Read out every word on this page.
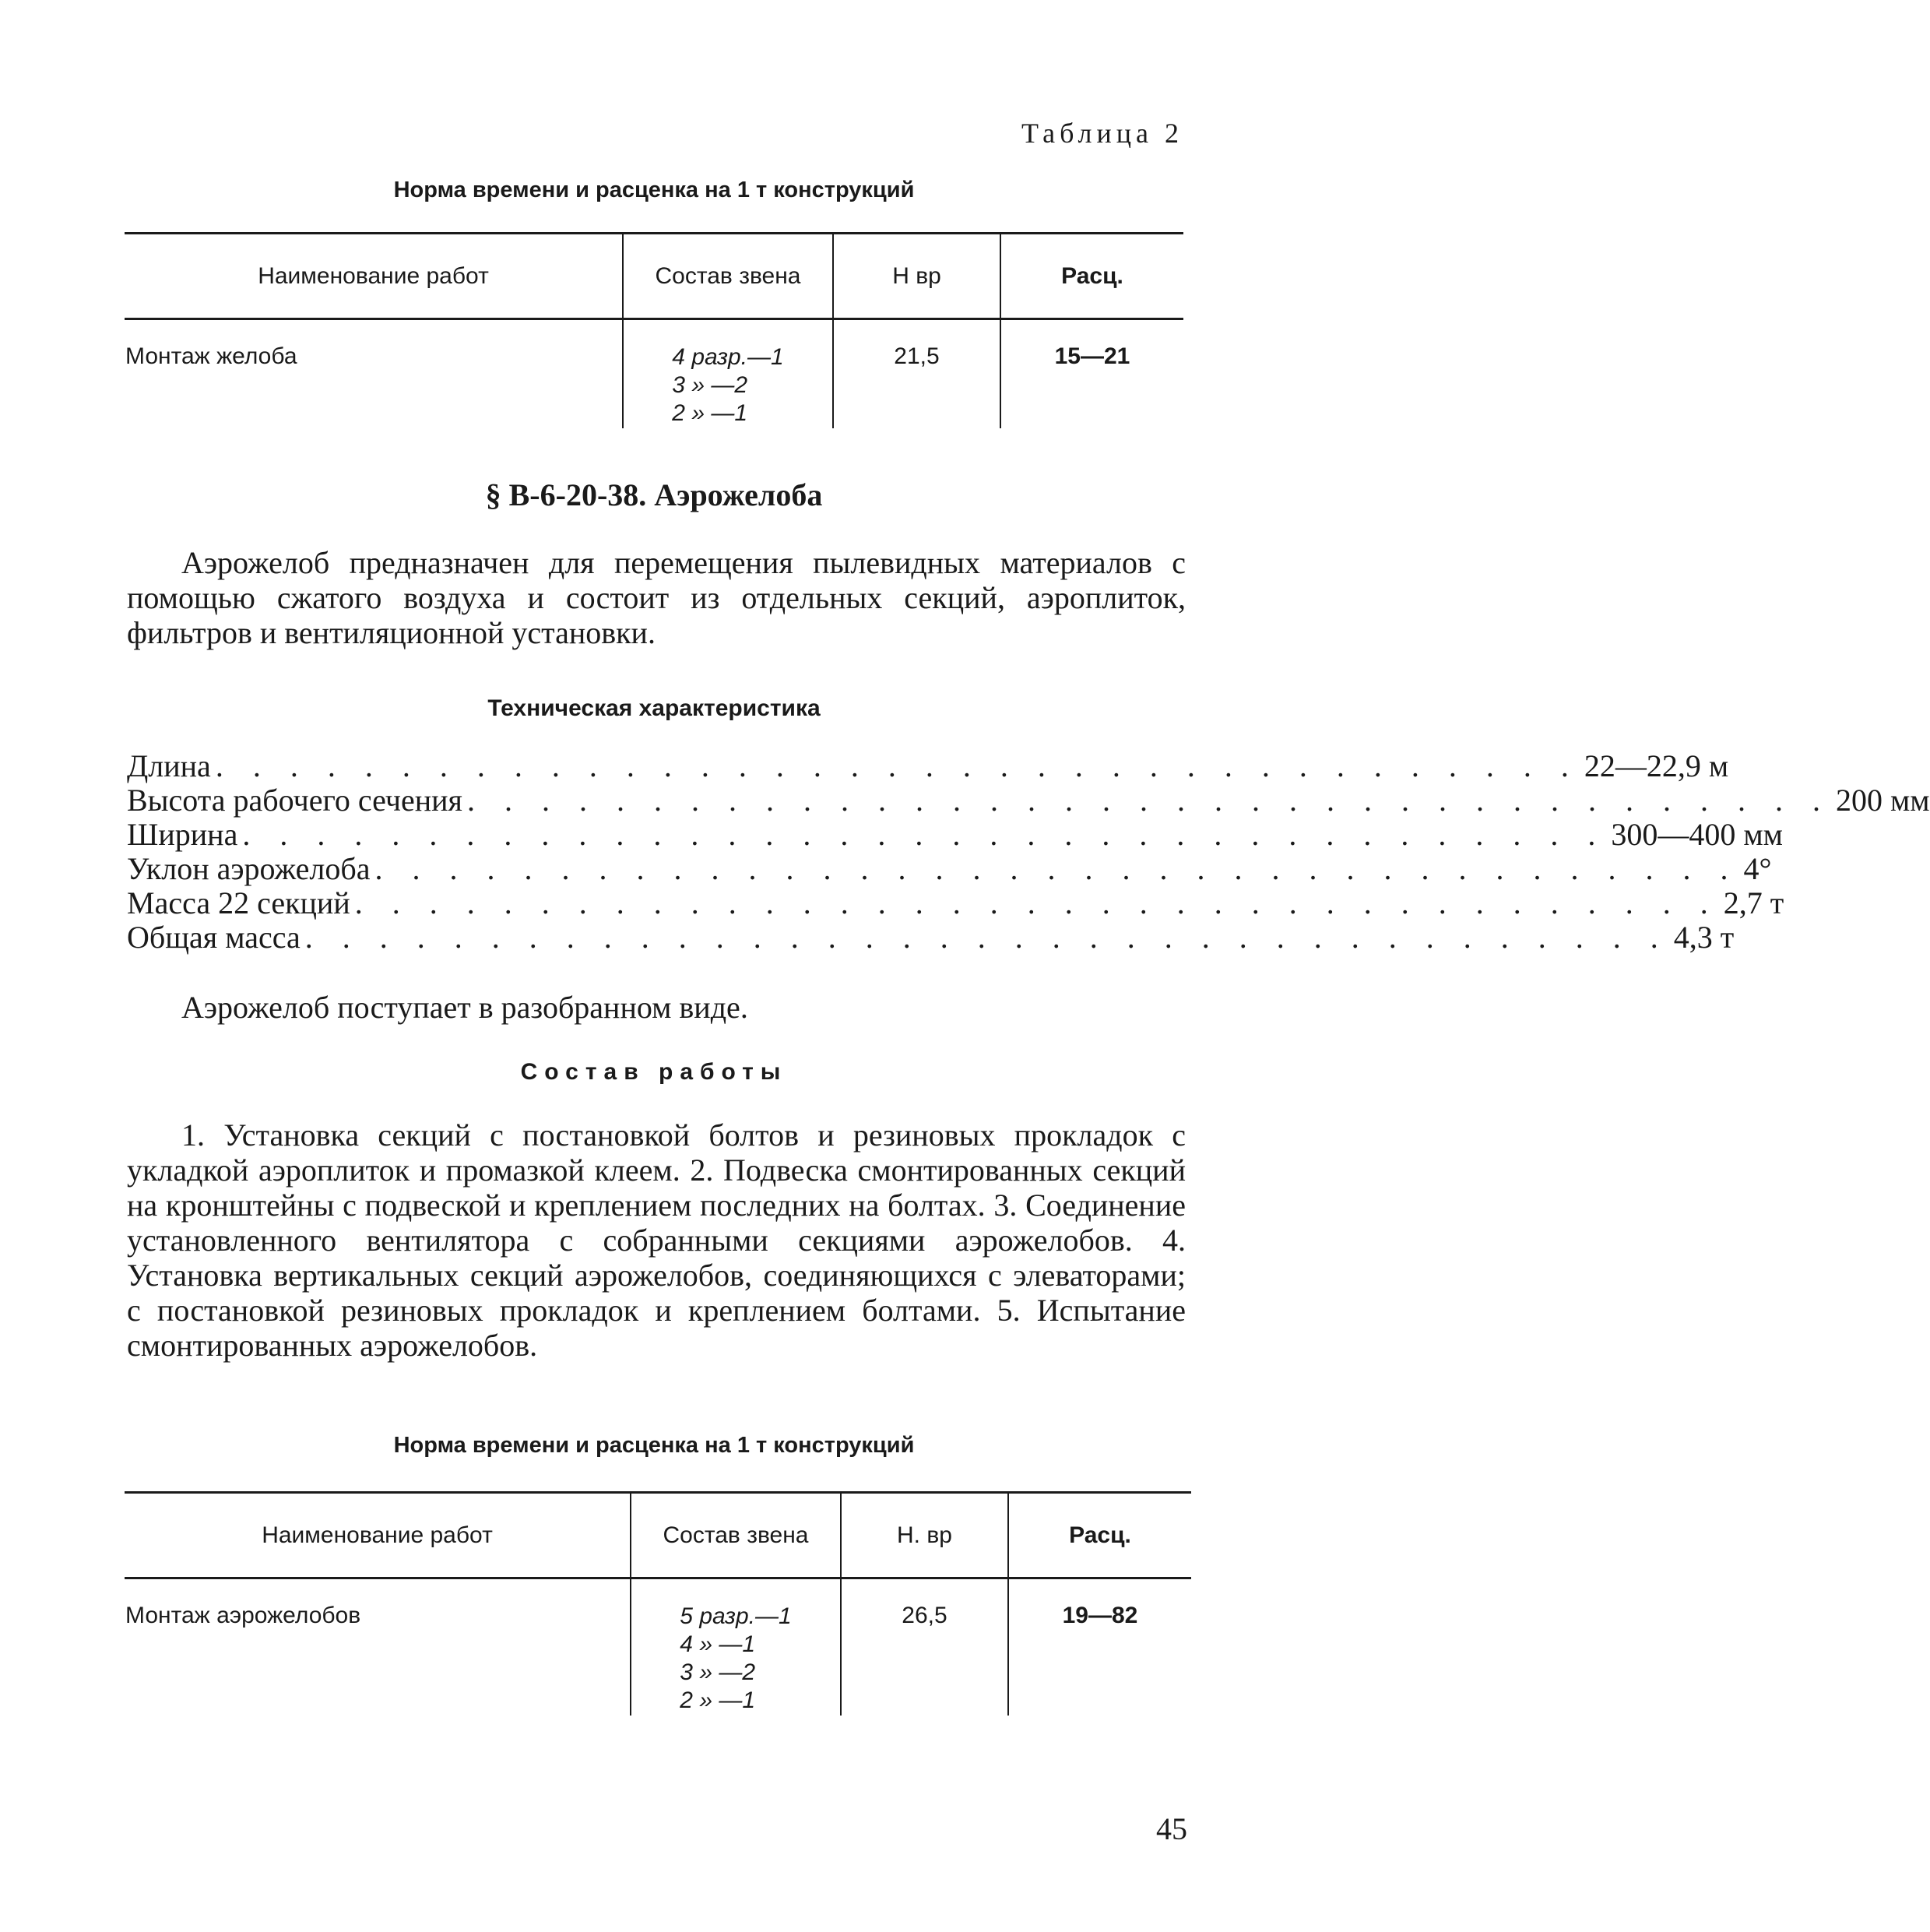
Таблица 2
Норма времени и расценка на 1 т конструкций
Наименование работ	Состав звена	Н вр	Расц.
Монтаж желоба	4 разр.—1
3 » —2
2 » —1	21,5	15—21
§ В-6-20-38. Аэрожелоба
Аэрожелоб предназначен для перемещения пылевидных материалов с помощью сжатого воздуха и состоит из отдельных секций, аэроплиток, фильтров и вентиляционной установки.
Техническая характеристика
Длина . . . . . . . . . . . . . . . . . . . . . . . . . . . . . . . . . . . . . 22—22,9 м
Высота рабочего сечения . . . . . . . . . . . . . . . . . . . . . . . . . . . . . . . . . . . . . 200 мм
Ширина . . . . . . . . . . . . . . . . . . . . . . . . . . . . . . . . . . . . . 300—400 мм
Уклон аэрожелоба . . . . . . . . . . . . . . . . . . . . . . . . . . . . . . . . . . . . . 4°
Масса 22 секций . . . . . . . . . . . . . . . . . . . . . . . . . . . . . . . . . . . . . 2,7 т
Общая масса . . . . . . . . . . . . . . . . . . . . . . . . . . . . . . . . . . . . . 4,3 т
Аэрожелоб поступает в разобранном виде.
Состав работы
1. Установка секций с постановкой болтов и резиновых прокладок с укладкой аэроплиток и промазкой клеем. 2. Подвеска смонтированных секций на кронштейны с подвеской и креплением последних на болтах. 3. Соединение установленного вентилятора с собранными секциями аэрожелобов. 4. Установка вертикальных секций аэрожелобов, соединяющихся с элеваторами; с постановкой резиновых прокладок и креплением болтами. 5. Испытание смонтированных аэрожелобов.
Норма времени и расценка на 1 т конструкций
Наименование работ	Состав звена	Н. вр	Расц.
Монтаж аэрожелобов	5 разр.—1
4 » —1
3 » —2
2 » —1	26,5	19—82
45
